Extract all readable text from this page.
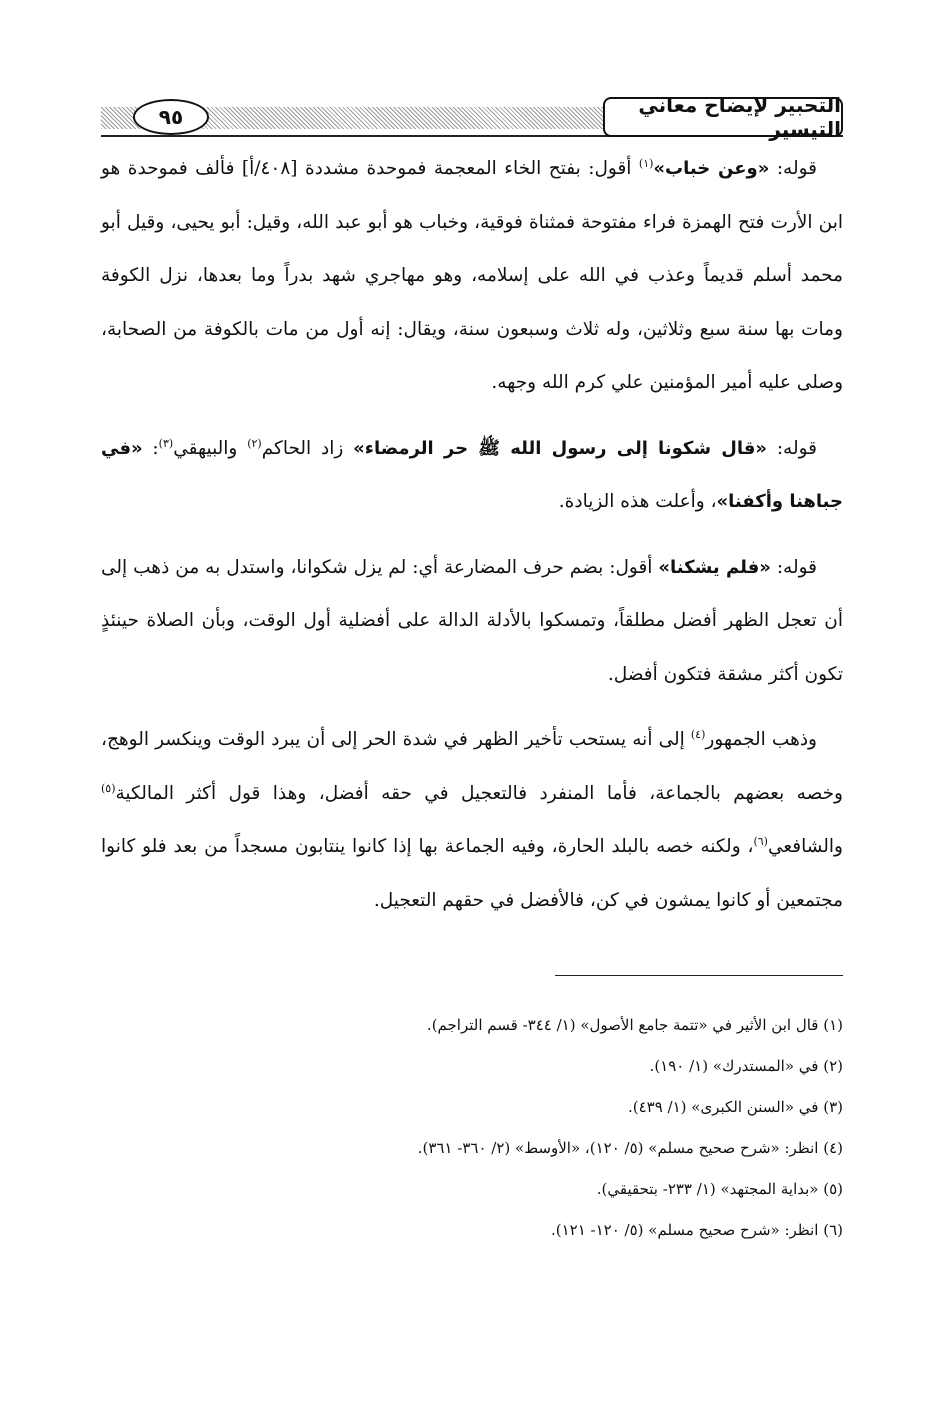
التحبير لإيضاح معاني التيسير
٩٥

قوله: «وعن خباب»$^{(١)}$ أقول: بفتح الخاء المعجمة فموحدة مشددة [٤٠٨/أ] فألف فموحدة هو ابن الأرت فتح الهمزة فراء مفتوحة فمثناة فوقية، وخباب هو أبو عبد الله، وقيل: أبو يحيى، وقيل أبو محمد أسلم قديماً وعذب في الله على إسلامه، وهو مهاجري شهد بدراً وما بعدها، نزل الكوفة ومات بها سنة سبع وثلاثين، وله ثلاث وسبعون سنة، ويقال: إنه أول من مات بالكوفة من الصحابة، وصلى عليه أمير المؤمنين علي كرم الله وجهه.

قوله: «قال شكونا إلى رسول الله ﷺ حر الرمضاء» زاد الحاكم$^{(٢)}$ والبيهقي$^{(٣)}$: «في جباهنا وأكفنا»، وأعلت هذه الزيادة.

قوله: «فلم يشكنا» أقول: بضم حرف المضارعة أي: لم يزل شكوانا، واستدل به من ذهب إلى أن تعجل الظهر أفضل مطلقاً، وتمسكوا بالأدلة الدالة على أفضلية أول الوقت، وبأن الصلاة حينئذٍ تكون أكثر مشقة فتكون أفضل.

وذهب الجمهور$^{(٤)}$ إلى أنه يستحب تأخير الظهر في شدة الحر إلى أن يبرد الوقت وينكسر الوهج، وخصه بعضهم بالجماعة، فأما المنفرد فالتعجيل في حقه أفضل، وهذا قول أكثر المالكية$^{(٥)}$ والشافعي$^{(٦)}$، ولكنه خصه بالبلد الحارة، وفيه الجماعة بها إذا كانوا ينتابون مسجداً من بعد فلو كانوا مجتمعين أو كانوا يمشون في كن، فالأفضل في حقهم التعجيل.

(١) قال ابن الأثير في «تتمة جامع الأصول» (١/ ٣٤٤- قسم التراجم).
(٢) في «المستدرك» (١/ ١٩٠).
(٣) في «السنن الكبرى» (١/ ٤٣٩).
(٤) انظر: «شرح صحيح مسلم» (٥/ ١٢٠)، «الأوسط» (٢/ ٣٦٠- ٣٦١).
(٥) «بداية المجتهد» (١/ ٢٣٣- بتحقيقي).
(٦) انظر: «شرح صحيح مسلم» (٥/ ١٢٠- ١٢١).
